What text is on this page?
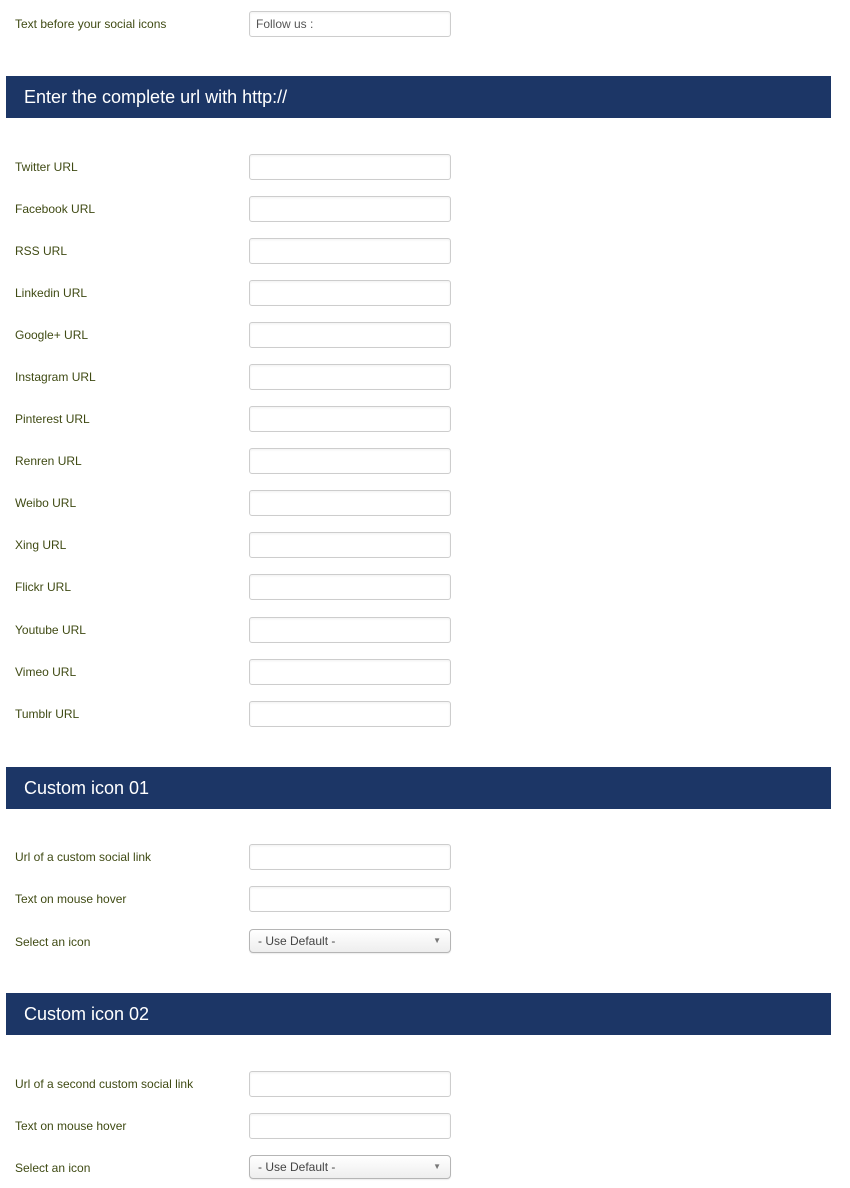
Text before your social icons	Follow us :
Enter the complete url with http://
Twitter URL
Facebook URL
RSS URL
Linkedin URL
Google+ URL
Instagram URL
Pinterest URL
Renren URL
Weibo URL
Xing URL
Flickr URL
Youtube URL
Vimeo URL
Tumblr URL
Custom icon 01
Url of a custom social link
Text on mouse hover
Select an icon	- Use Default -	▼
Custom icon 02
Url of a second custom social link
Text on mouse hover
Select an icon	- Use Default -	▼
